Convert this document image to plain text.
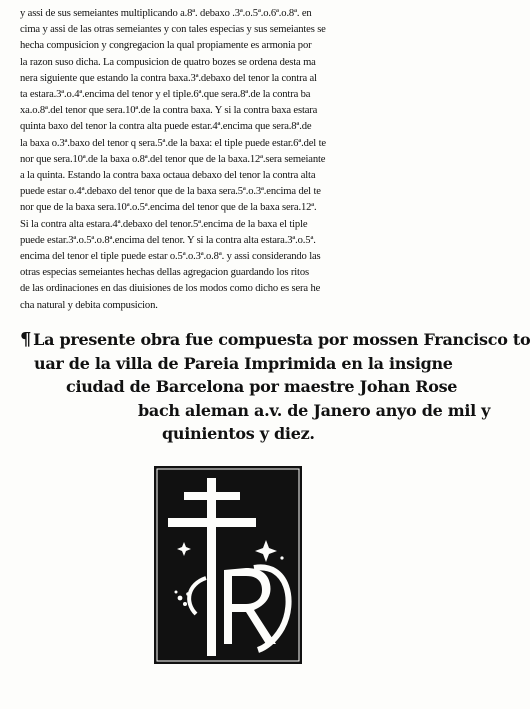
y assi de sus semeiantes multiplicando a.8ª. debaxo .3ª.o.5ª.o.6ª.o.8ª. en
cima y assi de las otras semeiantes y con tales especias y sus semeiantes se
hecha compusicion y congregacion la qual propiamente es armonia por
la razon suso dicha. La compusicion de quatro bozes se ordena desta ma
nera siguiente que estando la contra baxa.3ª.debaxo del tenor la contra al
ta estara.3ª.o.4ª.encima del tenor y el tiple.6ª.que sera.8ª.de la contra ba
xa.o.8ª.del tenor que sera.10ª.de la contra baxa. Y si la contra baxa estara
quinta baxo del tenor la contra alta puede estar.4ª.encima que sera.8ª.de
la baxa o.3ª.baxo del tenor q sera.5ª.de la baxa: el tiple puede estar.6ª.del te
nor que sera.10ª.de la baxa o.8ª.del tenor que de la baxa.12ª.sera semeiante
a la quinta. Estando la contra baxa octaua debaxo del tenor la contra alta
puede estar o.4ª.debaxo del tenor que de la baxa sera.5ª.o.3ª.encima del te
nor que de la baxa sera.10ª.o.5ª.encima del tenor que de la baxa sera.12ª.
Si la contra alta estara.4ª.debaxo del tenor.5ª.encima de la baxa el tiple
puede estar.3ª.o.5ª.o.8ª.encima del tenor. Y si la contra alta estara.3ª.o.5ª.
encima del tenor el tiple puede estar o.5ª.o.3ª.o.8ª. y assi considerando las
otras especias semeiantes hechas dellas agregacion guardando los ritos
de las ordinaciones en das diuisiones de los modos como dicho es sera he
cha natural y debita compusicion.
¶ La presente obra fue compuesta por mossen Francisco to
uar de la villa de Pareia Imprimida en la insigne
ciudad de Barcelona por maestre Johan Rose
bach aleman a.v. de Janero anyo de mil y
quinientos y diez.
